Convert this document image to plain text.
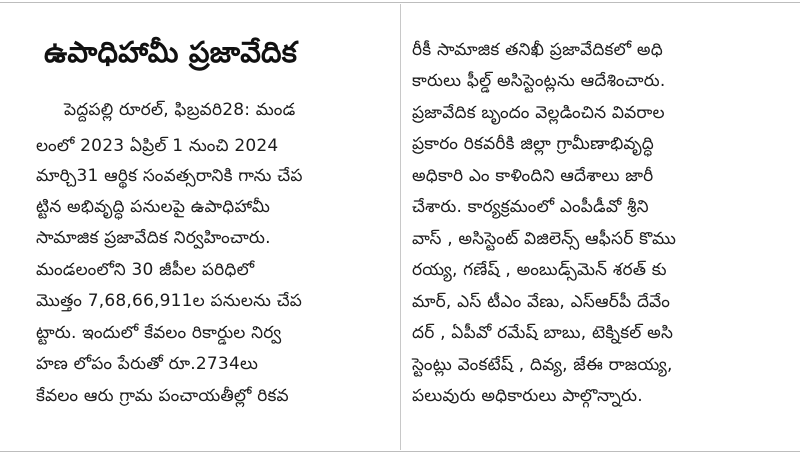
ఉపాధిహామీ ప్రజావేదిక
పెద్దపల్లి రూరల్, ఫిబ్రవరి28: మండ
లంలో 2023 ఏప్రిల్ 1 నుంచి 2024
మార్చి31 ఆర్థిక సంవత్సరానికి గాను చేప
ట్టిన అభివృద్ధి పనులపై ఉపాధిహామీ
సామాజిక ప్రజావేదిక నిర్వహించారు.
మండలంలోని 30 జీపీల పరిధిలో
మొత్తం 7,68,66,911ల పనులను చేప
ట్టారు. ఇందులో కేవలం రికార్డుల నిర్వ
హణ లోపం పేరుతో రూ.2734లు
కేవలం ఆరు గ్రామ పంచాయతీల్లో రికవ
రీకీ సామాజిక తనిఖీ ప్రజావేదికలో అధి
కారులు ఫీల్డ్ అసిస్టెంట్లను ఆదేశించారు.
ప్రజావేదిక బృందం వెల్లడించిన వివరాల
ప్రకారం రికవరీకి జిల్లా గ్రామీణాభివృద్ధి
అధికారి ఎం కాళిందిని ఆదేశాలు జారీ
చేశారు. కార్యక్రమంలో ఎంపీడీవో శ్రీని
వాస్ , అసిస్టెంట్ విజిలెన్స్ ఆఫీసర్ కొము
రయ్య, గణేష్ , అంబుడ్స్‌మెన్ శరత్ కు
మార్, ఎస్ టీఎం వేణు, ఎస్ఆర్‌పీ దేవేం
దర్ , ఏపీవో రమేష్ బాబు, టెక్నికల్ అసి
స్టెంట్లు వెంకటేష్ , దివ్య, జేఈ రాజయ్య,
పలువురు అధికారులు పాల్గొన్నారు.
